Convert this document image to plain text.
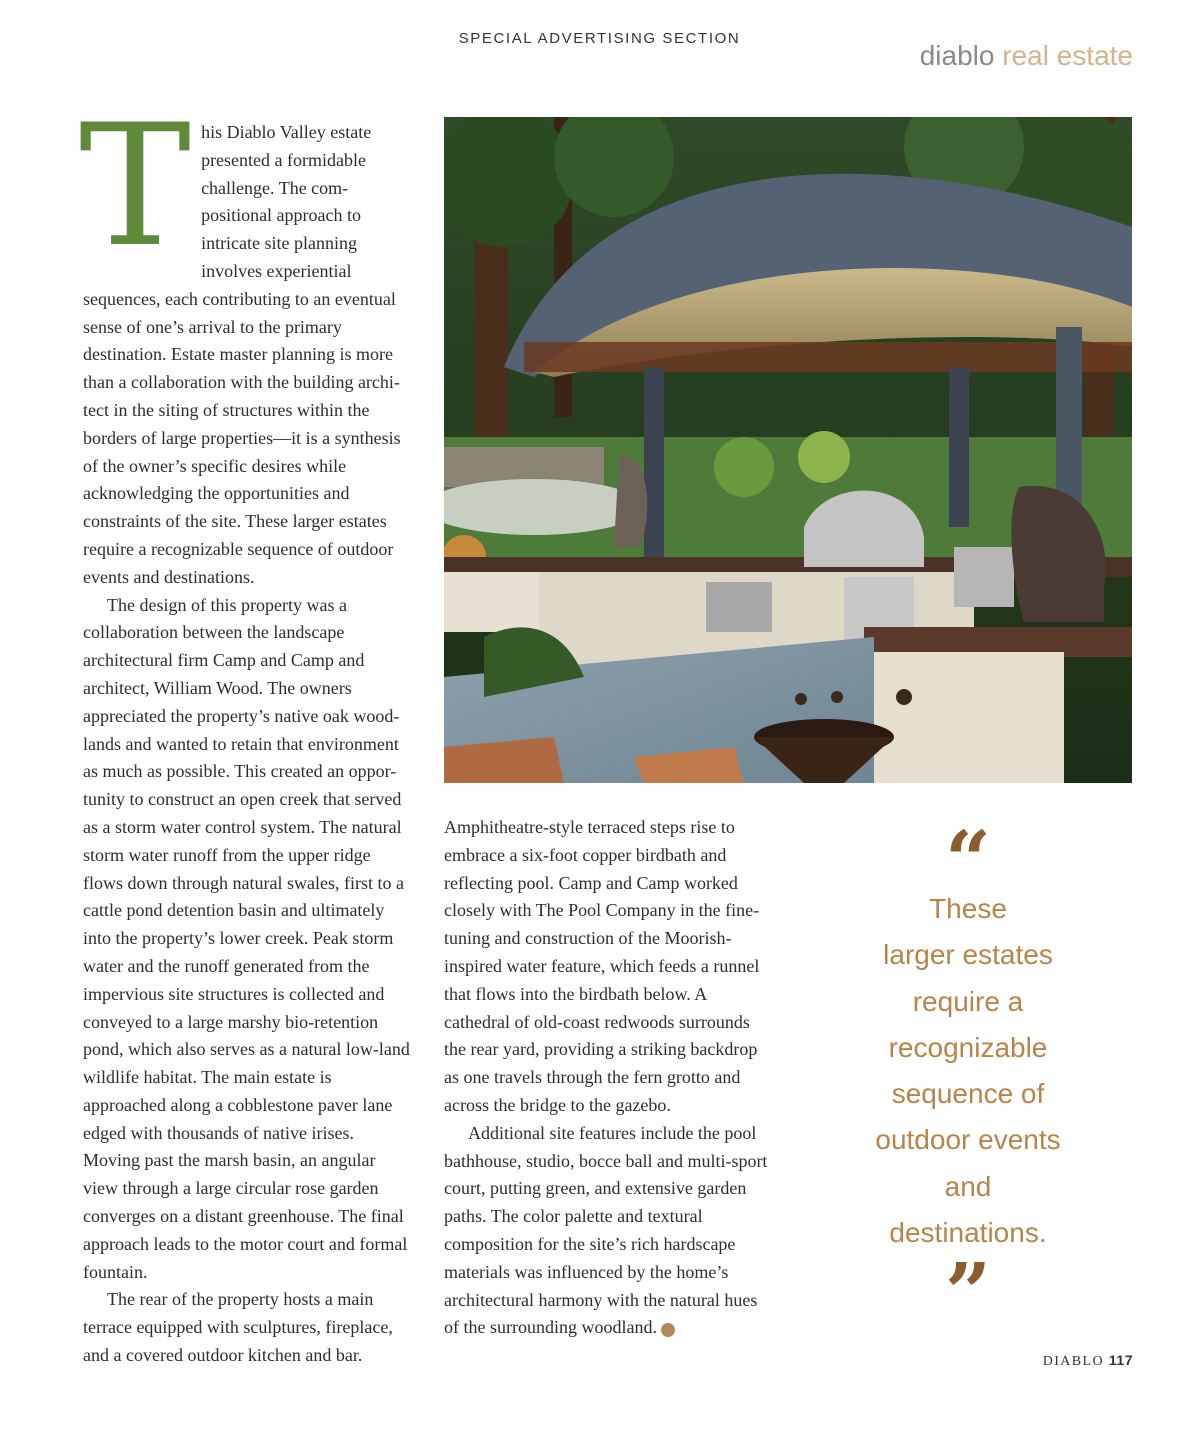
SPECIAL ADVERTISING SECTION
diablo real estate

This Diablo Valley estate presented a formidable challenge. The com-positional approach to intricate site planning involves experiential sequences, each contributing to an eventual sense of one’s arrival to the primary destination. Estate master planning is more than a collaboration with the building archi-tect in the siting of structures within the borders of large properties—it is a synthesis of the owner’s specific desires while acknowledging the opportunities and constraints of the site. These larger estates require a recognizable sequence of outdoor events and destinations.

The design of this property was a collaboration between the landscape architectural firm Camp and Camp and architect, William Wood. The owners appreciated the property’s native oak wood-lands and wanted to retain that environment as much as possible. This created an oppor-tunity to construct an open creek that served as a storm water control system. The natural storm water runoff from the upper ridge flows down through natural swales, first to a cattle pond detention basin and ultimately into the property’s lower creek. Peak storm water and the runoff generated from the impervious site structures is collected and conveyed to a large marshy bio-retention pond, which also serves as a natural low-land wildlife habitat. The main estate is approached along a cobblestone paver lane edged with thousands of native irises. Moving past the marsh basin, an angular view through a large circular rose garden converges on a distant greenhouse. The final approach leads to the motor court and formal fountain.

The rear of the property hosts a main terrace equipped with sculptures, fireplace, and a covered outdoor kitchen and bar.

Amphitheatre-style terraced steps rise to embrace a six-foot copper birdbath and reflecting pool. Camp and Camp worked closely with The Pool Company in the fine-tuning and construction of the Moorish-inspired water feature, which feeds a runnel that flows into the birdbath below. A cathedral of old-coast redwoods surrounds the rear yard, providing a striking backdrop as one travels through the fern grotto and across the bridge to the gazebo.

Additional site features include the pool bathhouse, studio, bocce ball and multi-sport court, putting green, and extensive garden paths. The color palette and textural composition for the site’s rich hardscape materials was influenced by the home’s architectural harmony with the natural hues of the surrounding woodland.	d

“
These
larger estates
require a
recognizable
sequence of
outdoor events
and
destinations.
”
DIABLO 117
